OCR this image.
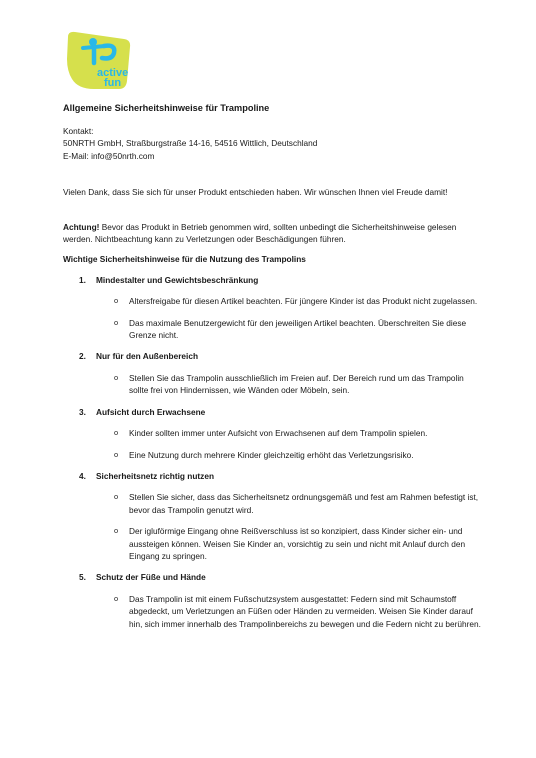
active
fun
Allgemeine Sicherheitshinweise für Trampoline

Kontakt:

50NRTH GmbH, Straßburgstraße 14-16, 54516 Wittlich, Deutschland

E-Mail: info@50nrth.com

Vielen Dank, dass Sie sich für unser Produkt entschieden haben. Wir wünschen Ihnen viel Freude damit!

Achtung! Bevor das Produkt in Betrieb genommen wird, sollten unbedingt die Sicherheitshinweise gelesen werden. Nichtbeachtung kann zu Verletzungen oder Beschädigungen führen.

Wichtige Sicherheitshinweise für die Nutzung des Trampolins
1. Mindestalter und Gewichtsbeschränkung
o Altersfreigabe für diesen Artikel beachten. Für jüngere Kinder ist das Produkt nicht zugelassen.
o Das maximale Benutzergewicht für den jeweiligen Artikel beachten. Überschreiten Sie diese Grenze nicht.
2. Nur für den Außenbereich
o Stellen Sie das Trampolin ausschließlich im Freien auf. Der Bereich rund um das Trampolin sollte frei von Hindernissen, wie Wänden oder Möbeln, sein.
3. Aufsicht durch Erwachsene
o Kinder sollten immer unter Aufsicht von Erwachsenen auf dem Trampolin spielen.
o Eine Nutzung durch mehrere Kinder gleichzeitig erhöht das Verletzungsrisiko.
4. Sicherheitsnetz richtig nutzen
o Stellen Sie sicher, dass das Sicherheitsnetz ordnungsgemäß und fest am Rahmen befestigt ist, bevor das Trampolin genutzt wird.
o Der igluförmige Eingang ohne Reißverschluss ist so konzipiert, dass Kinder sicher ein- und aussteigen können. Weisen Sie Kinder an, vorsichtig zu sein und nicht mit Anlauf durch den Eingang zu springen.
5. Schutz der Füße und Hände
o Das Trampolin ist mit einem Fußschutzsystem ausgestattet: Federn sind mit Schaumstoff abgedeckt, um Verletzungen an Füßen oder Händen zu vermeiden. Weisen Sie Kinder darauf hin, sich immer innerhalb des Trampolinbereichs zu bewegen und die Federn nicht zu berühren.
